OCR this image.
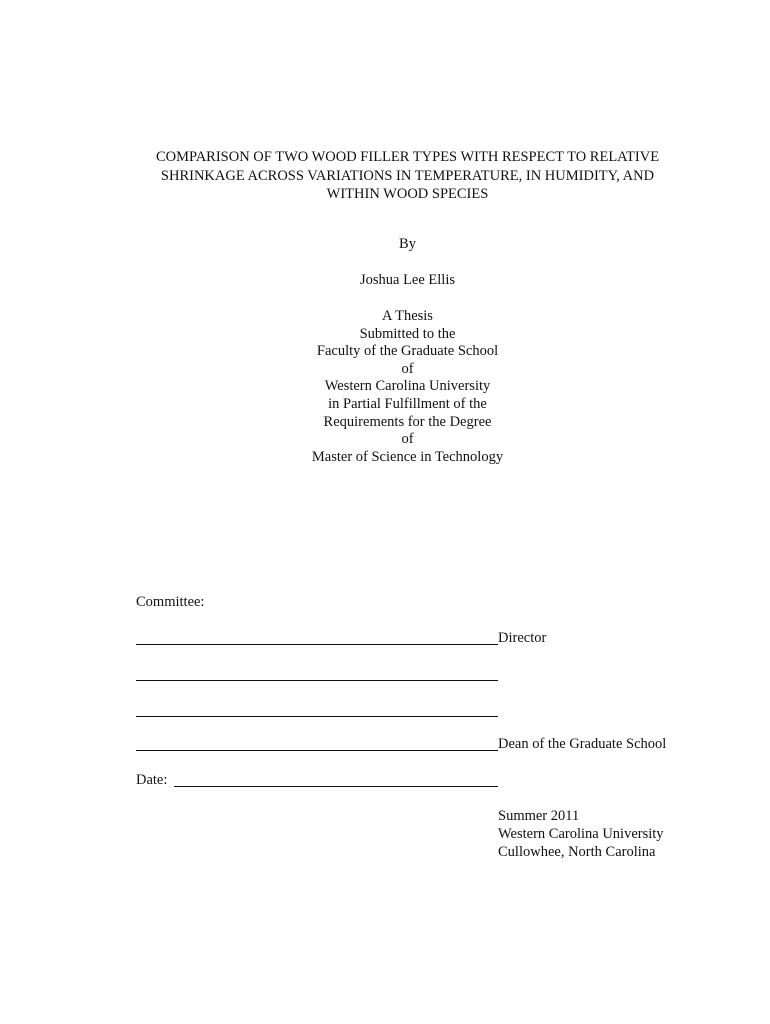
COMPARISON OF TWO WOOD FILLER TYPES WITH RESPECT TO RELATIVE
SHRINKAGE ACROSS VARIATIONS IN TEMPERATURE, IN HUMIDITY, AND
WITHIN WOOD SPECIES
By
Joshua Lee Ellis
A Thesis
Submitted to the
Faculty of the Graduate School
of
Western Carolina University
in Partial Fulfillment of the
Requirements for the Degree
of
Master of Science in Technology
Committee:
Director
Dean of the Graduate School
Date:
Summer 2011
Western Carolina University
Cullowhee, North Carolina
